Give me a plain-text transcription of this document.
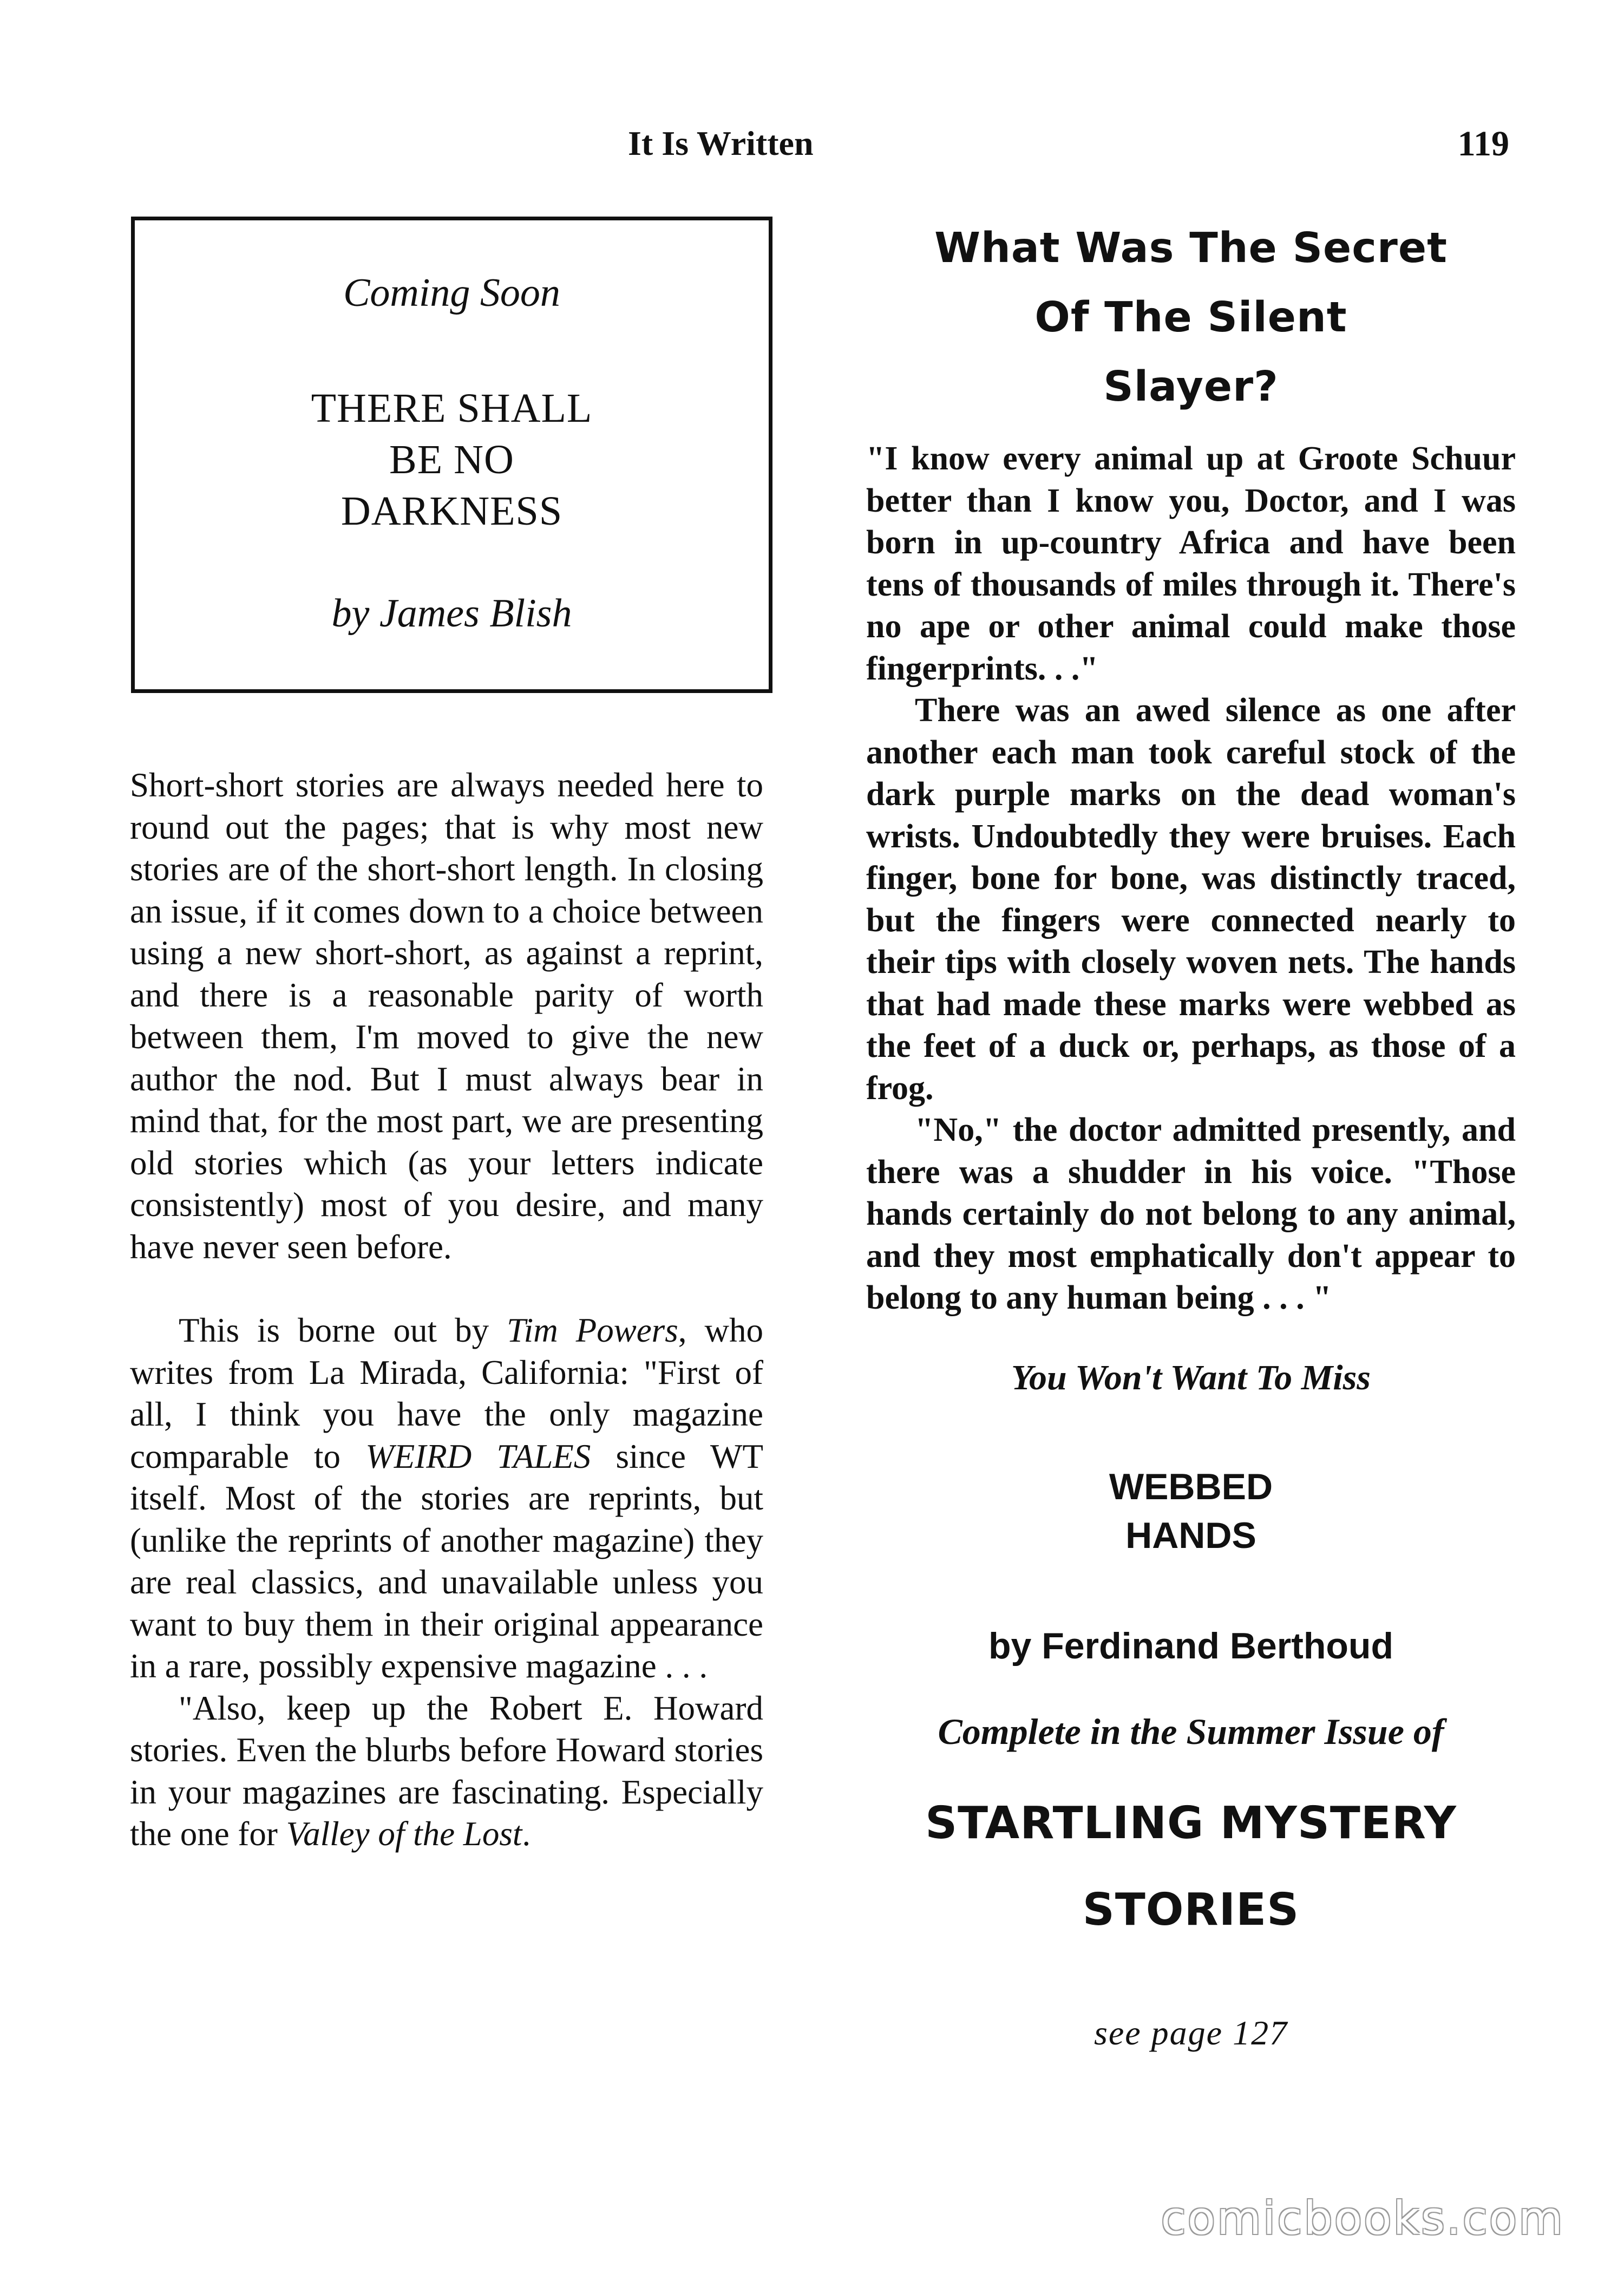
It Is Written	119
Coming Soon
THERE SHALL
BE NO
DARKNESS
by James Blish

Short-short stories are always needed here to round out the pages; that is why most new stories are of the short-short length. In closing an issue, if it comes down to a choice between using a new short-short, as against a reprint, and there is a reasonable parity of worth between them, I'm moved to give the new author the nod. But I must always bear in mind that, for the most part, we are presenting old stories which (as your letters indicate consistently) most of you desire, and many have never seen before.

This is borne out by Tim Powers, who writes from La Mirada, California: "First of all, I think you have the only magazine comparable to WEIRD TALES since WT itself. Most of the stories are reprints, but (unlike the reprints of another magazine) they are real classics, and unavailable unless you want to buy them in their original appearance in a rare, possibly expensive magazine . . .

"Also, keep up the Robert E. Howard stories. Even the blurbs before Howard stories in your magazines are fascinating. Especially the one for Valley of the Lost.

What Was The Secret
Of The Silent
Slayer?

"I know every animal up at Groote Schuur better than I know you, Doctor, and I was born in up-country Africa and have been tens of thousands of miles through it. There's no ape or other animal could make those fingerprints. . ."

There was an awed silence as one after another each man took careful stock of the dark purple marks on the dead woman's wrists. Undoubtedly they were bruises. Each finger, bone for bone, was distinctly traced, but the fingers were connected nearly to their tips with closely woven nets. The hands that had made these marks were webbed as the feet of a duck or, perhaps, as those of a frog.

"No," the doctor admitted presently, and there was a shudder in his voice. "Those hands certainly do not belong to any animal, and they most emphatically don't appear to belong to any human being . . . "

You Won't Want To Miss
WEBBED
HANDS
by Ferdinand Berthoud
Complete in the Summer Issue of
STARTLING MYSTERY
STORIES
see page 127
comicbooks.com
